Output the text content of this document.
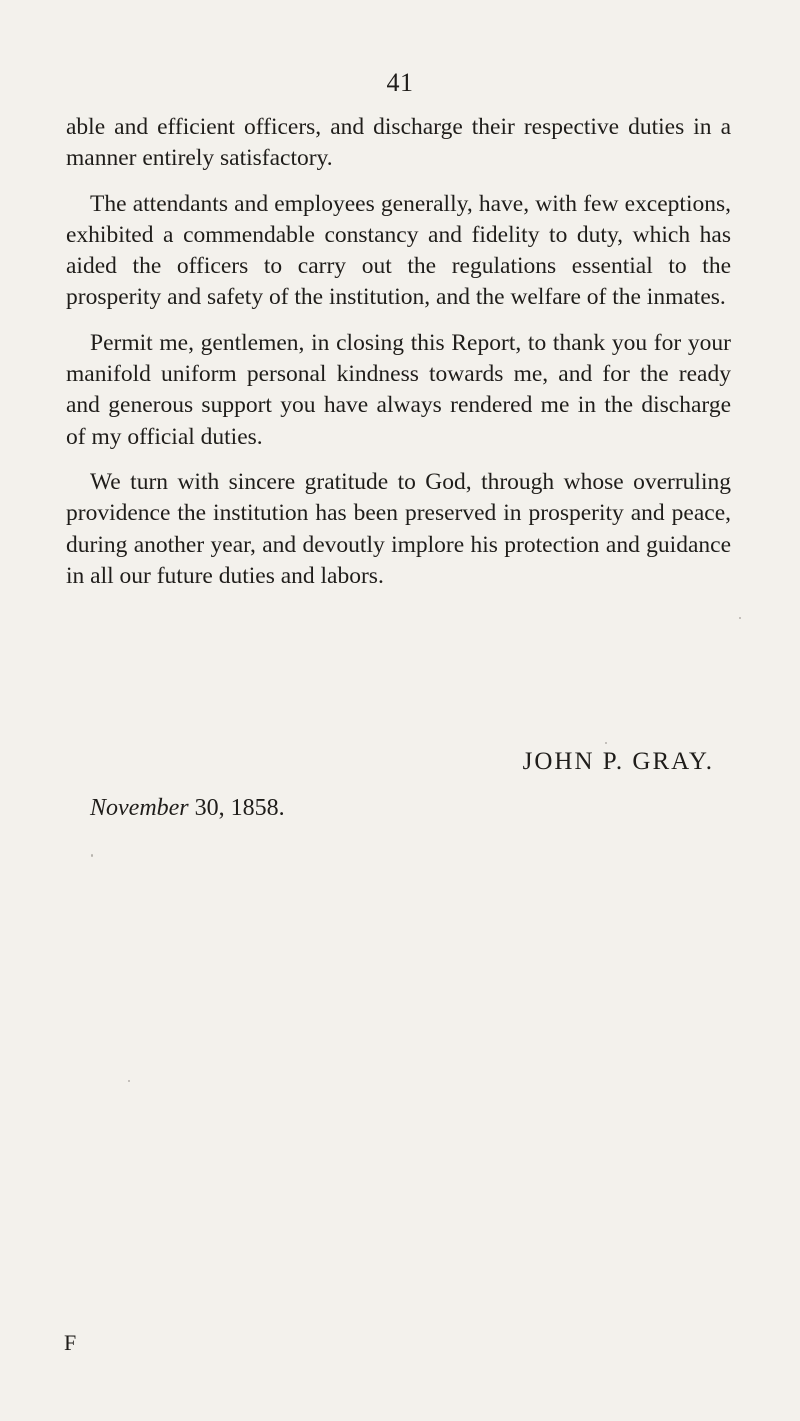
41

able and efficient officers, and discharge their respective duties in a manner entirely satisfactory.

The attendants and employees generally, have, with few exceptions, exhibited a commendable constancy and fidelity to duty, which has aided the officers to carry out the regulations essential to the prosperity and safety of the institution, and the welfare of the inmates.

Permit me, gentlemen, in closing this Report, to thank you for your manifold uniform personal kindness towards me, and for the ready and generous support you have always rendered me in the discharge of my official duties.

We turn with sincere gratitude to God, through whose overruling providence the institution has been preserved in prosperity and peace, during another year, and devoutly implore his protection and guidance in all our future duties and labors.

JOHN P. GRAY.
November 30, 1858.
F
